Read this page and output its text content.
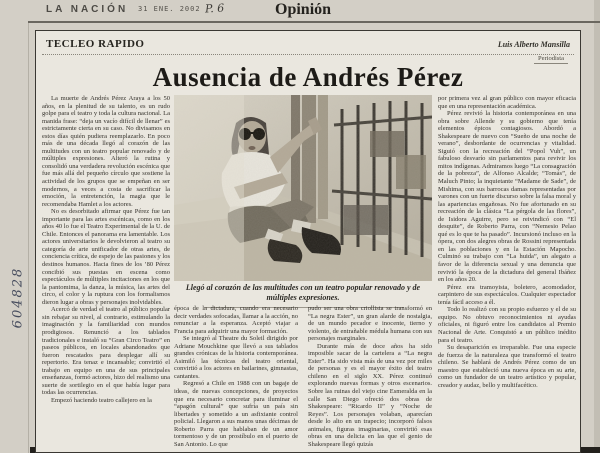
604828
LA NACIÓN 31 ENE. 2002 P. 6	Opinión
TECLEO RAPIDO	Luis Alberto Mansilla
Periodista
Ausencia de Andrés Pérez
Llegó al corazón de las multitudes con un teatro popular renovado y de múltiples expresiones.

La muerte de Andrés Pérez Araya a los 50 años, en la plenitud de su talento, es un rudo golpe para el teatro y toda la cultura nacional. La manida frase: “deja un vacío difícil de llenar” es estrictamente cierta en su caso. No divisamos en estos días quién pudiera reemplazarlo. En poco más de una década llegó al corazón de las multitudes con un teatro popular renovado y de múltiples expresiones. Alteró la rutina y consolidó una verdadera revolución escénica que fue más allá del pequeño círculo que sostiene la actividad de los grupos que se empeñan en ser modernos, a veces a costa de sacrificar la emoción, la entretención, la magia que le recomendaba Hamlet a los actores.

No es desorbitado afirmar que Pérez fue tan importante para las artes escénicas, como en los años 40 lo fue el Teatro Experimental de la U. de Chile. Entonces el panorama era lamentable. Los actores universitarios le devolvieron al teatro su categoría de arte unificador de otras artes, de conciencia crítica, de espejo de las pasiones y los destinos humanos. Hacia fines de los ’80 Pérez concibió sus puestas en escena como espectáculos de múltiples incitaciones en los que la pantomima, la danza, la música, las artes del circo, el color y la ruptura con los formalismos dieron lugar a obras y personajes inolvidables.

Acercó de verdad el teatro al público popular sin rebajar su nivel, al contrario, estimulando la imaginación y la familiaridad con mundos prodigiosos. Renunció a los tablados tradicionales e instaló su “Gran Circo Teatro” en paseos públicos, en locales abandonados que fueron rescatados para desplegar allí su repertorio. Era tenaz e incansable; convirtió el trabajo en equipo en una de sus principales enseñanzas, formó actores, hizo del realismo una suerte de sortilegio en el que había lugar para todas las ocurrencias.

Empezó haciendo teatro callejero en la

época de la dictadura, cuando era necesario decir verdades sofocadas, llamar a la acción, no renunciar a la esperanza. Aceptó viajar a Francia para adquirir una mayor formación.

Se integró al Theatre du Soleil dirigido por Adriane Mouchkine que llevó a sus tablados grandes crónicas de la historia contemporánea. Asimiló las técnicas del teatro oriental, convirtió a los actores en bailarines, gimnastas, cantantes.

Regresó a Chile en 1988 con un bagaje de ideas, de nuevas concepciones, de proyectos que era necesario concretar para iluminar el “apagón cultural” que sufría un país sin libertades y sometido a un asfixiante control policial. Llegaron a sus manos unas décimas de Roberto Parra que hablaban de un amor tormentoso y de un prostíbulo en el puerto de San Antonio. Lo que

pudo ser una obra criollista se transformó en “La negra Ester”, un gran alarde de nostalgia, de un mundo pecador e inocente, tierno y violento, de entrañable médula humana con sus personajes marginales.

Durante más de doce años ha sido imposible sacar de la cartelera a “La negra Ester”. Ha sido vista más de una vez por miles de personas y es el mayor éxito del teatro chileno en el siglo XX. Pérez continuó explorando nuevas formas y otros escenarios. Sobre las ruinas del viejo cine Esmeralda en la calle San Diego ofreció dos obras de Shakespeare: “Ricardo II” y “Noche de Reyes”. Los personajes volaban, aparecían desde lo alto en un trapecio; incorporó falsos animales, figuras imaginarias, convirtió esas obras en una delicia en las que el genio de Shakespeare llegó quizás

por primera vez al gran público con mayor eficacia que en una representación académica.

Pérez revivió la historia contemporánea en una obra sobre Allende y su gobierno que tenía elementos épicos contagiosos. Abordó a Shakespeare de nuevo con “Sueño de una noche de verano”, desbordante de ocurrencias y vitalidad. Siguió con la recreación del “Popol Vuh”, un fabuloso desvarío sin parlamentos para revivir los mitos indígenas. Admiramos luego “La consagración de la pobreza”, de Alfonso Alcalde; “Tomás”, de Maluch Pinto; la inquietante “Madame de Sade”, de Mishima, con sus barrocas damas representadas por varones con un fuerte discurso sobre la falsa moral y las apariencias engañosas. No fue afortunado en su recreación de la clásica “La pérgola de las flores”, de Isidora Aguirre, pero se reivindicó con “El desquite”, de Roberto Parra, con “Nemesio Pelao qué es lo que te ha pasado”. Incursionó incluso en la ópera, con dos alegres obras de Rossini representada en las poblaciones y en la Estación Mapocho. Culminó su trabajo con “La huida”, un alegato a favor de la diferencia sexual y una denuncia que revivió la época de la dictadura del general Ibáñez en los años 20.

Pérez era tramoyista, boletero, acomodador, carpintero de sus espectáculos. Cualquier espectador tenía fácil acceso a él.

Todo lo realizó con su propio esfuerzo y el de su equipo. No obtuvo reconocimientos ni ayudas oficiales, ni figuró entre los candidatos al Premio Nacional de Arte. Conquistó a un público inédito para el teatro.

Su desaparición es irreparable. Fue una especie de fuerza de la naturaleza que transformó el teatro chileno. Se hablará de Andrés Pérez como de un maestro que estableció una nueva época en su arte, como un fundador de un teatro artístico y popular, creador y audaz, bello y multifacético.
